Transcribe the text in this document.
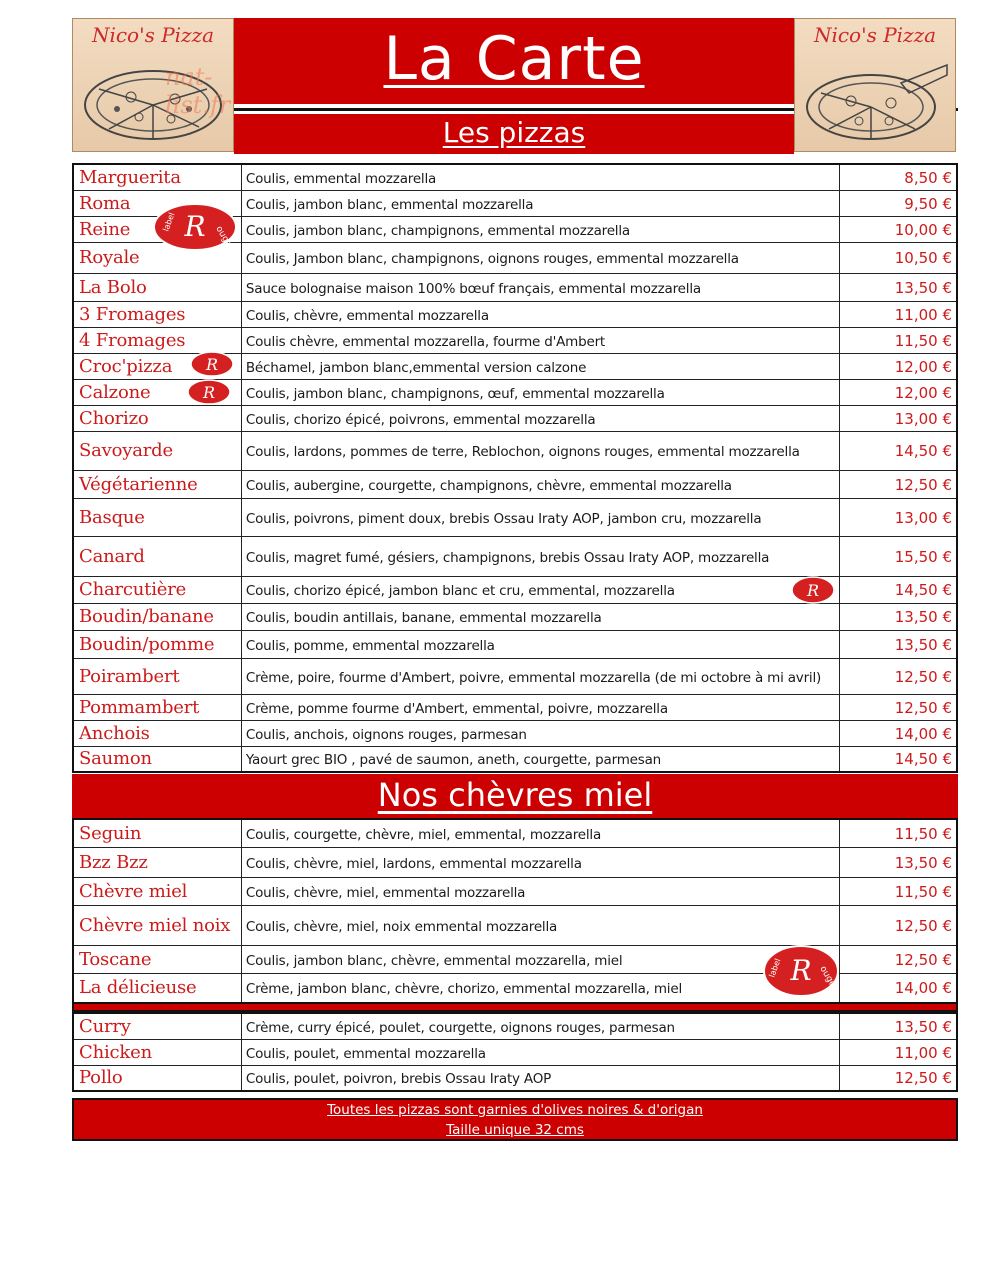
Nico's Pizza
nat-list.fr
La Carte
Les pizzas
Nico's Pizza
Marguerita	Coulis, emmental mozzarella	8,50 €
Roma	Coulis, jambon blanc, emmental mozzarella	9,50 €
Reine	Coulis, jambon blanc, champignons, emmental mozzarella	10,00 €
Royale	Coulis, Jambon blanc, champignons, oignons rouges, emmental mozzarella	10,50 €
La Bolo	Sauce bolognaise maison 100% bœuf français, emmental mozzarella	13,50 €
3 Fromages	Coulis, chèvre, emmental mozzarella	11,00 €
4 Fromages	Coulis chèvre, emmental mozzarella, fourme d'Ambert	11,50 €
Croc'pizza	Béchamel, jambon blanc,emmental version calzone	12,00 €
Calzone	Coulis, jambon blanc, champignons, œuf, emmental mozzarella	12,00 €
Chorizo	Coulis, chorizo épicé, poivrons, emmental mozzarella	13,00 €
Savoyarde	Coulis, lardons, pommes de terre, Reblochon, oignons rouges, emmental mozzarella	14,50 €
Végétarienne	Coulis, aubergine, courgette, champignons, chèvre, emmental mozzarella	12,50 €
Basque	Coulis, poivrons, piment doux, brebis Ossau Iraty AOP, jambon cru, mozzarella	13,00 €
Canard	Coulis, magret fumé, gésiers, champignons, brebis Ossau Iraty AOP, mozzarella	15,50 €
Charcutière	Coulis, chorizo épicé, jambon blanc et cru, emmental, mozzarella	14,50 €
Boudin/banane	Coulis, boudin antillais, banane, emmental mozzarella	13,50 €
Boudin/pomme	Coulis, pomme, emmental mozzarella	13,50 €
Poirambert	Crème, poire, fourme d'Ambert, poivre, emmental mozzarella (de mi octobre à mi avril)	12,50 €
Pommambert	Crème, pomme fourme d'Ambert, emmental, poivre, mozzarella	12,50 €
Anchois	Coulis, anchois, oignons rouges, parmesan	14,00 €
Saumon	Yaourt grec BIO , pavé de saumon, aneth, courgette, parmesan	14,50 €
Nos chèvres miel
Seguin	Coulis, courgette, chèvre, miel, emmental, mozzarella	11,50 €
Bzz Bzz	Coulis, chèvre, miel, lardons, emmental mozzarella	13,50 €
Chèvre miel	Coulis, chèvre, miel, emmental mozzarella	11,50 €
Chèvre miel noix	Coulis, chèvre, miel, noix emmental mozzarella	12,50 €
Toscane	Coulis, jambon blanc, chèvre, emmental mozzarella, miel	12,50 €
La délicieuse	Crème, jambon blanc, chèvre, chorizo, emmental mozzarella, miel	14,00 €
Curry	Crème, curry épicé, poulet, courgette, oignons rouges, parmesan	13,50 €
Chicken	Coulis, poulet, emmental mozzarella	11,00 €
Pollo	Coulis, poulet, poivron, brebis Ossau Iraty AOP	12,50 €
Toutes les pizzas sont garnies d'olives noires & d'origan
Taille unique 32 cms
R
label
ouge
R
R
R
R
label	ouge
